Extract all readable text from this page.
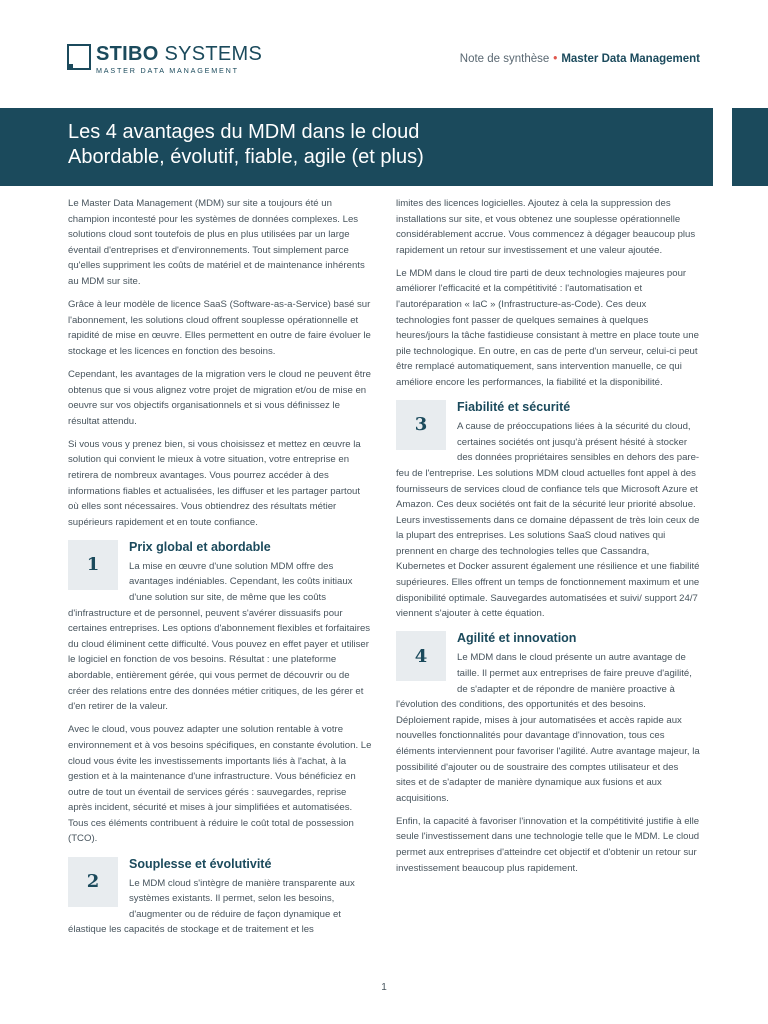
STIBO SYSTEMS
MASTER DATA MANAGEMENT
Note de synthèse • Master Data Management
Les 4 avantages du MDM dans le cloud
Abordable, évolutif, fiable, agile (et plus)

Le Master Data Management (MDM) sur site a toujours été un champion incontesté pour les systèmes de données complexes. Les solutions cloud sont toutefois de plus en plus utilisées par un large éventail d'entreprises et d'environnements. Tout simplement parce qu'elles suppriment les coûts de matériel et de maintenance inhérents au MDM sur site.

Grâce à leur modèle de licence SaaS (Software-as-a-Service) basé sur l'abonnement, les solutions cloud offrent souplesse opérationnelle et rapidité de mise en œuvre. Elles permettent en outre de faire évoluer le stockage et les licences en fonction des besoins.

Cependant, les avantages de la migration vers le cloud ne peuvent être obtenus que si vous alignez votre projet de migration et/ou de mise en oeuvre sur vos objectifs organisationnels et si vous définissez le résultat attendu.

Si vous vous y prenez bien, si vous choisissez et mettez en œuvre la solution qui convient le mieux à votre situation, votre entreprise en retirera de nombreux avantages. Vous pourrez accéder à des informations fiables et actualisées, les diffuser et les partager partout où elles sont nécessaires. Vous obtiendrez des résultats métier supérieurs rapidement et en toute confiance.

1
Prix global et abordable

La mise en œuvre d'une solution MDM offre des avantages indéniables. Cependant, les coûts initiaux d'une solution sur site, de même que les coûts d'infrastructure et de personnel, peuvent s'avérer dissuasifs pour certaines entreprises. Les options d'abonnement flexibles et forfaitaires du cloud éliminent cette difficulté. Vous pouvez en effet payer et utiliser le logiciel en fonction de vos besoins. Résultat : une plateforme abordable, entièrement gérée, qui vous permet de découvrir ou de créer des relations entre des données métier critiques, de les gérer et d'en retirer de la valeur.

Avec le cloud, vous pouvez adapter une solution rentable à votre environnement et à vos besoins spécifiques, en constante évolution. Le cloud vous évite les investissements importants liés à l'achat, à la gestion et à la maintenance d'une infrastructure. Vous bénéficiez en outre de tout un éventail de services gérés : sauvegardes, reprise après incident, sécurité et mises à jour simplifiées et automatisées. Tous ces éléments contribuent à réduire le coût total de possession (TCO).

2
Souplesse et évolutivité

Le MDM cloud s'intègre de manière transparente aux systèmes existants. Il permet, selon les besoins, d'augmenter ou de réduire de façon dynamique et élastique les capacités de stockage et de traitement et les

limites des licences logicielles. Ajoutez à cela la suppression des installations sur site, et vous obtenez une souplesse opérationnelle considérablement accrue. Vous commencez à dégager beaucoup plus rapidement un retour sur investissement et une valeur ajoutée.

Le MDM dans le cloud tire parti de deux technologies majeures pour améliorer l'efficacité et la compétitivité : l'automatisation et l'autoréparation « IaC » (Infrastructure-as-Code). Ces deux technologies font passer de quelques semaines à quelques heures/jours la tâche fastidieuse consistant à mettre en place toute une pile technologique. En outre, en cas de perte d'un serveur, celui-ci peut être remplacé automatiquement, sans intervention manuelle, ce qui améliore encore les performances, la fiabilité et la disponibilité.

3
Fiabilité et sécurité

A cause de préoccupations liées à la sécurité du cloud, certaines sociétés ont jusqu'à présent hésité à stocker des données propriétaires sensibles en dehors des pare-feu de l'entreprise. Les solutions MDM cloud actuelles font appel à des fournisseurs de services cloud de confiance tels que Microsoft Azure et Amazon. Ces deux sociétés ont fait de la sécurité leur priorité absolue. Leurs investissements dans ce domaine dépassent de très loin ceux de la plupart des entreprises. Les solutions SaaS cloud natives qui prennent en charge des technologies telles que Cassandra, Kubernetes et Docker assurent également une résilience et une fiabilité supérieures. Elles offrent un temps de fonctionnement maximum et une disponibilité optimale. Sauvegardes automatisées et suivi/ support 24/7 viennent s'ajouter à cette équation.

4
Agilité et innovation

Le MDM dans le cloud présente un autre avantage de taille. Il permet aux entreprises de faire preuve d'agilité, de s'adapter et de répondre de manière proactive à l'évolution des conditions, des opportunités et des besoins. Déploiement rapide, mises à jour automatisées et accès rapide aux nouvelles fonctionnalités pour davantage d'innovation, tous ces éléments interviennent pour favoriser l'agilité. Autre avantage majeur, la possibilité d'ajouter ou de soustraire des comptes utilisateur et des sites et de s'adapter de manière dynamique aux fusions et aux acquisitions.

Enfin, la capacité à favoriser l'innovation et la compétitivité justifie à elle seule l'investissement dans une technologie telle que le MDM. Le cloud permet aux entreprises d'atteindre cet objectif et d'obtenir un retour sur investissement beaucoup plus rapidement.

1
